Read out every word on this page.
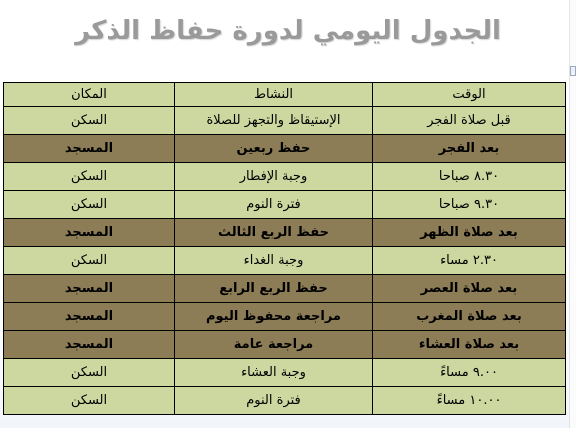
الجدول اليومي لدورة حفاظ الذكر
الوقت	النشاط	المكان
قبل صلاة الفجر	الإستيقاظ والتجهز للصلاة	السكن
بعد الفجر	حفظ ربعين	المسجد
٨.٣٠ صباحا	وجبة الإفطار	السكن
٩.٣٠ صباحا	فترة النوم	السكن
بعد صلاة الظهر	حفظ الربع الثالث	المسجد
٢.٣٠ مساء	وجبة الغداء	السكن
بعد صلاة العصر	حفظ الربع الرابع	المسجد
بعد صلاة المغرب	مراجعة محفوظ اليوم	المسجد
بعد صلاة العشاء	مراجعة عامة	المسجد
٩.٠٠ مساءً	وجبة العشاء	السكن
١٠.٠٠ مساءً	فترة النوم	السكن
